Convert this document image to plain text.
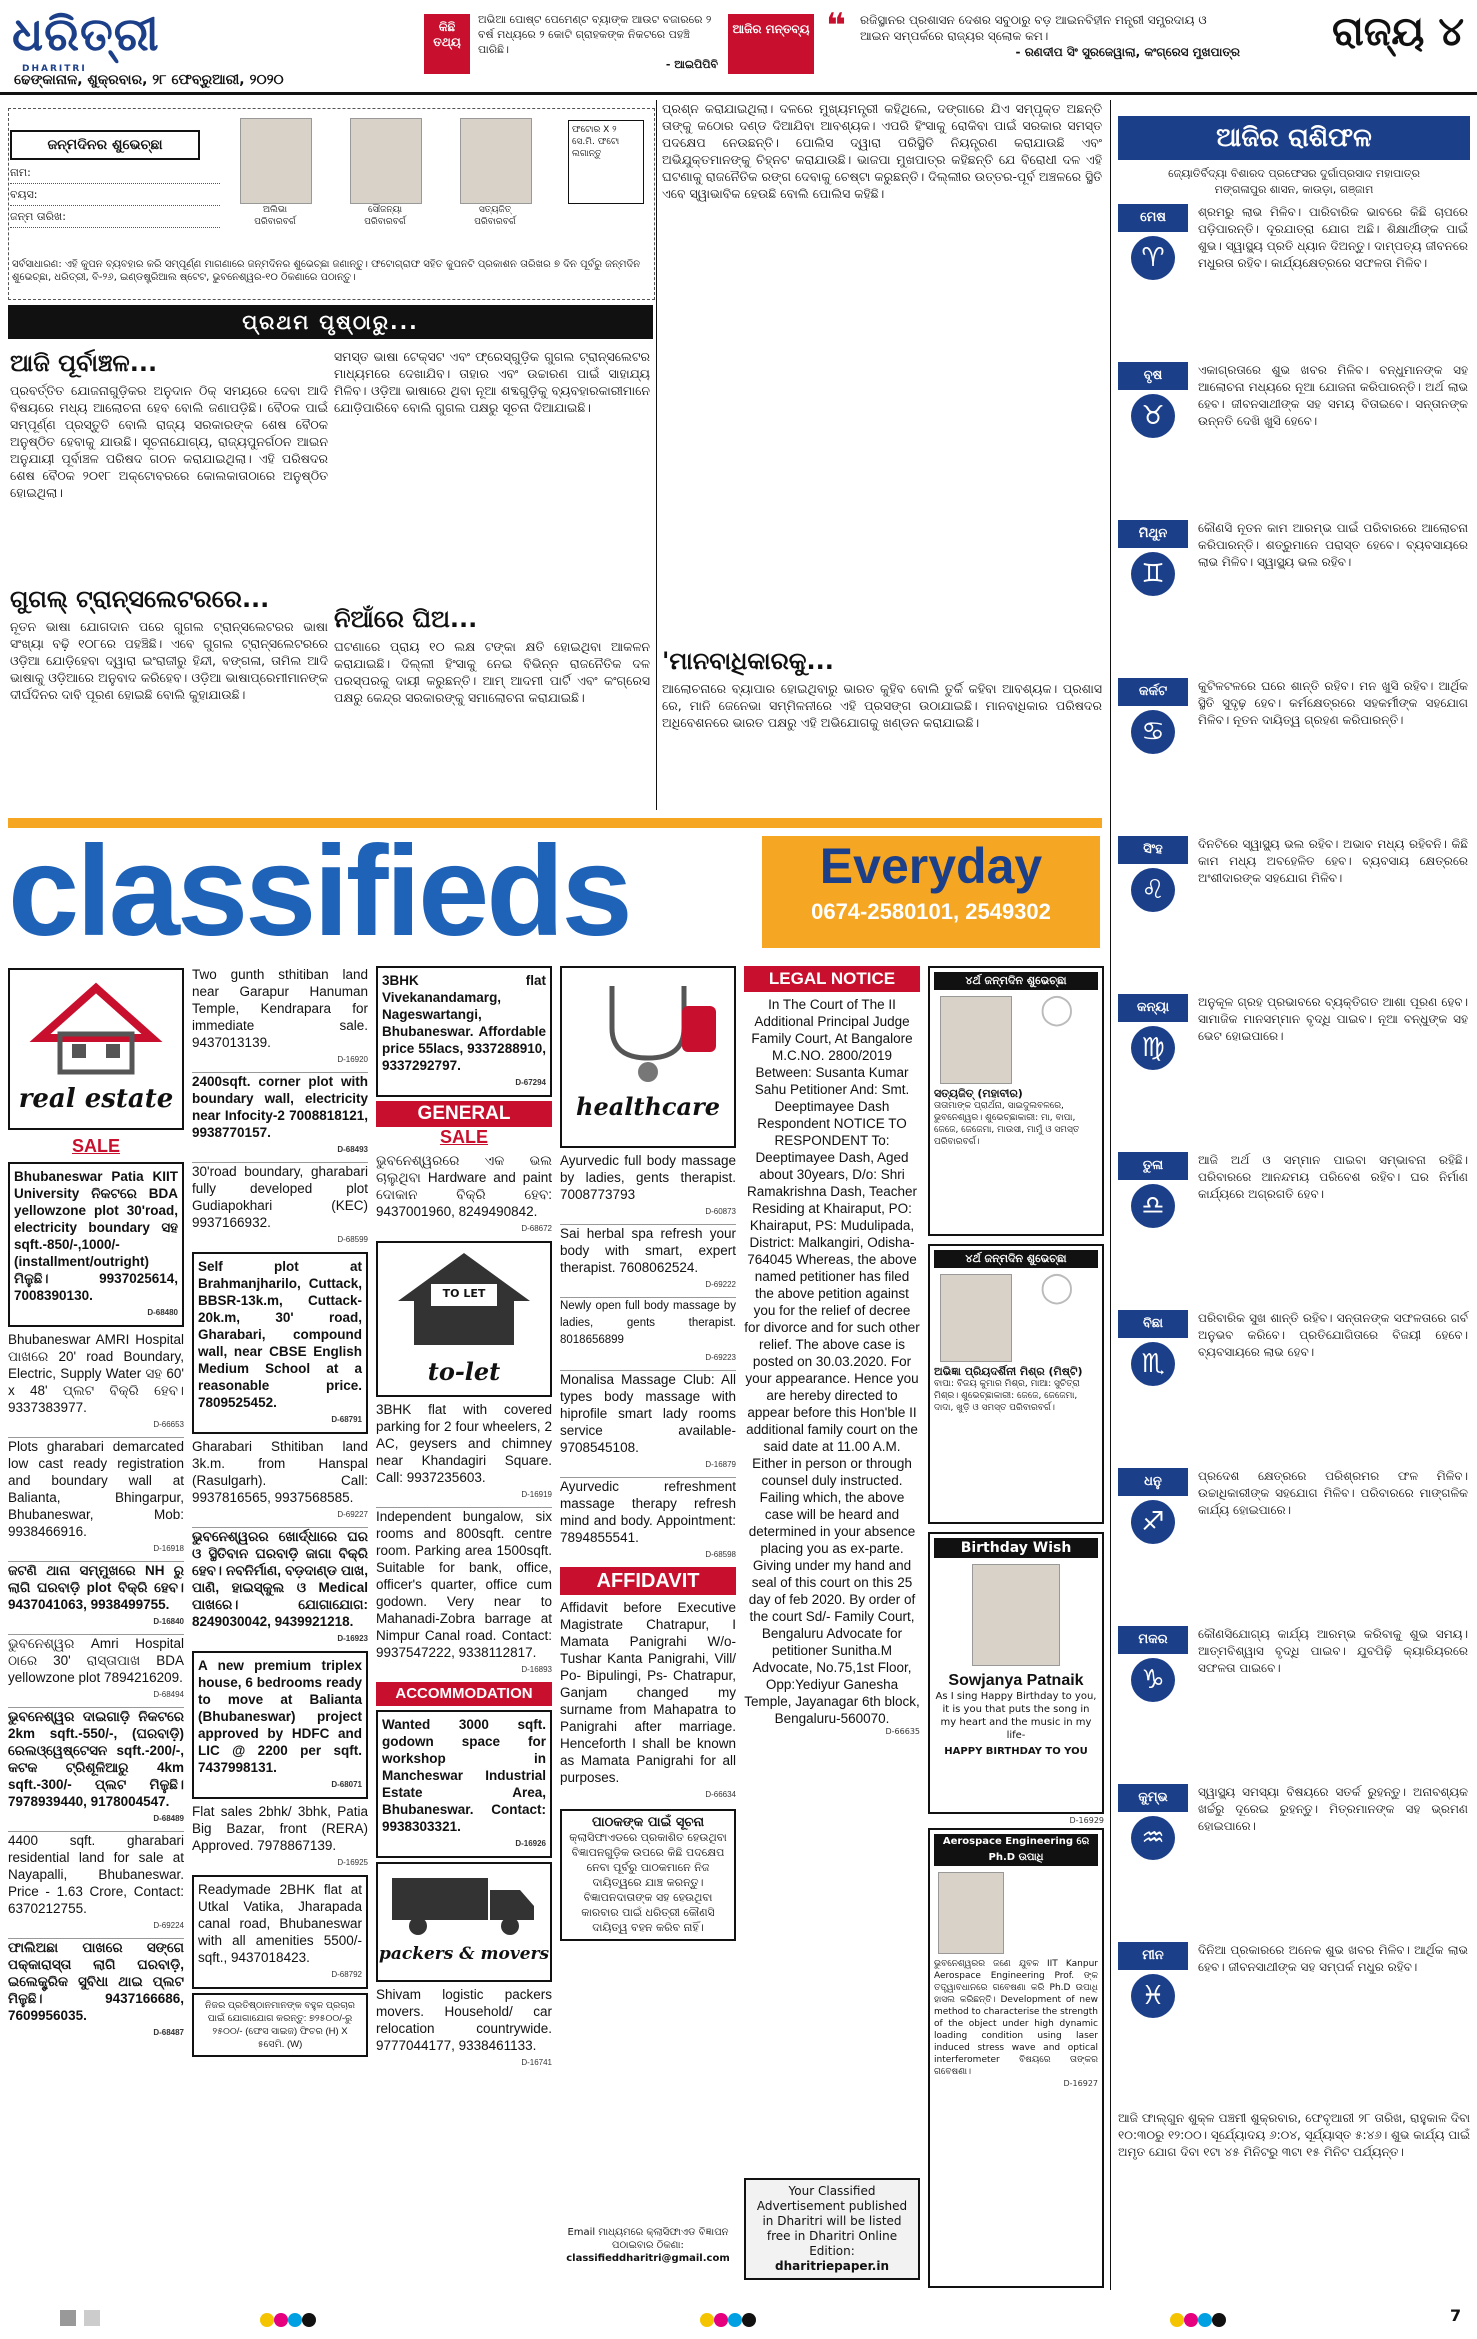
ଧରିତ୍ରୀ
DHARITRI
ଢେଙ୍କାନାଳ, ଶୁକ୍ରବାର, ୨୮ ଫେବ୍ରୁଆରୀ, ୨୦୨୦
କିଛି ତଥ୍ୟ
ଅଭିଆ ପୋଷ୍ଟ ପେମେଣ୍ଟ ବ୍ୟାଙ୍କ ଆଉଟ ବଜାରରେ ୨ ବର୍ଷ ମଧ୍ୟରେ ୨ କୋଟି ଗ୍ରାହକଙ୍କ ନିକଟରେ ପହଞ୍ଚି ପାରିଛି।

- ଆଇପିପିବି
ଆଜିର ମନ୍ତବ୍ୟ ❝ ରଜିସ୍ଥାନର ପ୍ରଶାସନ ଦେଶର ସବୁଠାରୁ ବଡ଼ ଆଇନବିହୀନ ମନ୍ତ୍ରୀ ସମ୍ପ୍ରଦାୟ ଓ ଆଇନ ସମ୍ପର୍କରେ ରାଜ୍ୟର ସ୍ଲୋକ କମ।

- ରଣଦୀପ ସିଂ ସୁରଜେୱାଲା, କଂଗ୍ରେସ ମୁଖପାତ୍ର	ରାଜ୍ୟ ୪
ଜନ୍ମଦିନର ଶୁଭେଚ୍ଛା
ନାମ:
ବୟସ:
ଜନ୍ମ ତାରିଖ:	ଅଲିଭା
ପରିବାରବର୍ଗ
ସୌଜନ୍ୟା
ପରିବାରବର୍ଗ
ସତ୍ୟଜିତ୍
ପରିବାରବର୍ଗ
ଫଟୋର X ୨ ସେ.ମି. ଫଟୋ ଲଗାନ୍ତୁ
ସର୍ବସାଧାରଣ: ଏହି କୁପନ ବ୍ୟବହାର କରି ସମ୍ପୂର୍ଣ୍ଣ ମାଗଣାରେ ଜନ୍ମଦିନର ଶୁଭେଚ୍ଛା ଜଣାନ୍ତୁ। ଫଟୋଗ୍ରାଫ ସହିତ କୁପନଟି ପ୍ରକାଶନ ତାରିଖର ୭ ଦିନ ପୂର୍ବରୁ ଜନ୍ମଦିନ ଶୁଭେଚ୍ଛା, ଧରିତ୍ରୀ, ବି-୨୬, ଇଣ୍ଡଷ୍ଟ୍ରିଆଲ ଷ୍ଟେଟ, ଭୁବନେଶ୍ୱର-୧୦ ଠିକଣାରେ ପଠାନ୍ତୁ।
ପ୍ରଥମ ପୃଷ୍ଠାରୁ...
ଆଜି ପୂର୍ବାଞ୍ଚଳ...
ପ୍ରବର୍ତ୍ତିତ ଯୋଜନାଗୁଡ଼ିକର ଅନୁଦାନ ଠିକ୍ ସମୟରେ ଦେବା ଆଦି ବିଷୟରେ ମଧ୍ୟ ଆଲୋଚନା ହେବ ବୋଲି ଜଣାପଡ଼ିଛି। ବୈଠକ ପାଇଁ ସମ୍ପୂର୍ଣ୍ଣ ପ୍ରସ୍ତୁତି ବୋଲି ରାଜ୍ୟ ସରକାରଙ୍କ ଶେଷ ବୈଠକ ଅନୁଷ୍ଠିତ ହେବାକୁ ଯାଉଛି। ସୂଚନାଯୋଗ୍ୟ, ରାଜ୍ୟପୁନର୍ଗଠନ ଆଇନ ଅନୁଯାୟୀ ପୂର୍ବାଞ୍ଚଳ ପରିଷଦ ଗଠନ କରାଯାଇଥିଲା। ଏହି ପରିଷଦର ଶେଷ ବୈଠକ ୨୦୧୮ ଅକ୍ଟୋବରରେ କୋଲକାତାଠାରେ ଅନୁଷ୍ଠିତ ହୋଇଥିଲା।
ଗୁଗଲ୍ ଟ୍ରାନ୍ସଲେଟରରେ...
ନୂତନ ଭାଷା ଯୋଗଦାନ ପରେ ଗୁଗଲ ଟ୍ରାନ୍ସଲେଟରର ଭାଷା ସଂଖ୍ୟା ବଢ଼ି ୧୦୮ରେ ପହଞ୍ଚିଛି। ଏବେ ଗୁଗଲ ଟ୍ରାନ୍ସଲେଟରରେ ଓଡ଼ିଆ ଯୋଡ଼ିହେବା ଦ୍ୱାରା ଇଂରାଜୀରୁ ହିନ୍ଦୀ, ବଙ୍ଗଳା, ତାମିଲ ଆଦି ଭାଷାକୁ ଓଡ଼ିଆରେ ଅନୁବାଦ କରିହେବ। ଓଡ଼ିଆ ଭାଷାପ୍ରେମୀମାନଙ୍କ ଦୀର୍ଘଦିନର ଦାବି ପୂରଣ ହୋଇଛି ବୋଲି କୁହାଯାଉଛି।
ସମସ୍ତ ଭାଷା ଟେକ୍ସଟ ଏବଂ ଫ୍ରେସ୍‌ଗୁଡ଼ିକ ଗୁଗଲ ଟ୍ରାନ୍ସଲେଟର ମାଧ୍ୟମରେ ଦେଖାଯିବ। ତାହାର ଏବଂ ଉଚ୍ଚାରଣ ପାଇଁ ସାହାଯ୍ୟ ମିଳିବ। ଓଡ଼ିଆ ଭାଷାରେ ଥିବା ନୂଆ ଶବ୍ଦଗୁଡ଼ିକୁ ବ୍ୟବହାରକାରୀମାନେ ଯୋଡ଼ିପାରିବେ ବୋଲି ଗୁଗଲ ପକ୍ଷରୁ ସୂଚନା ଦିଆଯାଇଛି।
ନିଆଁରେ ଘିଅ...
ଘଟଣାରେ ପ୍ରାୟ ୧୦ ଲକ୍ଷ ଟଙ୍କା କ୍ଷତି ହୋଇଥିବା ଆକଳନ କରାଯାଇଛି। ଦିଲ୍ଲୀ ହିଂସାକୁ ନେଇ ବିଭିନ୍ନ ରାଜନୈତିକ ଦଳ ପରସ୍ପରକୁ ଦାୟୀ କରୁଛନ୍ତି। ଆମ୍ ଆଦମୀ ପାର୍ଟି ଏବଂ କଂଗ୍ରେସ ପକ୍ଷରୁ କେନ୍ଦ୍ର ସରକାରଙ୍କୁ ସମାଲୋଚନା କରାଯାଇଛି।
ପ୍ରଶ୍ନ କରାଯାଇଥିଲା। ଦଳରେ ମୁଖ୍ୟମନ୍ତ୍ରୀ କହିଥିଲେ, ଦଙ୍ଗାରେ ଯିଏ ସମ୍ପୃକ୍ତ ଅଛନ୍ତି ତାଙ୍କୁ କଠୋର ଦଣ୍ଡ ଦିଆଯିବା ଆବଶ୍ୟକ। ଏପରି ହିଂସାକୁ ରୋକିବା ପାଇଁ ସରକାର ସମସ୍ତ ପଦକ୍ଷେପ ନେଉଛନ୍ତି। ପୋଲିସ ଦ୍ୱାରା ପରିସ୍ଥିତି ନିୟନ୍ତ୍ରଣ କରାଯାଉଛି ଏବଂ ଅଭିଯୁକ୍ତମାନଙ୍କୁ ଚିହ୍ନଟ କରାଯାଉଛି। ଭାଜପା ମୁଖପାତ୍ର କହିଛନ୍ତି ଯେ ବିରୋଧୀ ଦଳ ଏହି ଘଟଣାକୁ ରାଜନୈତିକ ରଙ୍ଗ ଦେବାକୁ ଚେଷ୍ଟା କରୁଛନ୍ତି। ଦିଲ୍ଲୀର ଉତ୍ତର-ପୂର୍ବ ଅଞ୍ଚଳରେ ସ୍ଥିତି ଏବେ ସ୍ୱାଭାବିକ ହେଉଛି ବୋଲି ପୋଲିସ କହିଛି।
'ମାନବାଧିକାରକୁ...
ଆଲୋଚନାରେ ବ୍ୟାପାର ହୋଇଥିବାରୁ ଭାରତ କୁହିବ ବୋଲି ତୁର୍କି କହିବା ଆବଶ୍ୟକ। ପ୍ରଶାସ ରେ, ମାନି ଜେନେଭା ସମ୍ମିଳନୀରେ ଏହି ପ୍ରସଙ୍ଗ ଉଠାଯାଇଛି। ମାନବାଧିକାର ପରିଷଦର ଅଧିବେଶନରେ ଭାରତ ପକ୍ଷରୁ ଏହି ଅଭିଯୋଗକୁ ଖଣ୍ଡନ କରାଯାଇଛି।
ଆଜିର ରାଶିଫଳ
ଜ୍ୟୋତିର୍ବିଦ୍ୟା ବିଶାରଦ ପ୍ରଫେସର ଦୁର୍ଗାପ୍ରସାଦ ମହାପାତ୍ର
ମଙ୍ଗଳାପୁର ଶାସନ, କାଉଡ଼ା, ଗଞ୍ଜାମ
ମେଷ
♈
ଶ୍ରମରୁ ଲାଭ ମିଳିବ। ପାରିବାରିକ ଭାବରେ କିଛି ଚାପରେ ପଡ଼ିପାରନ୍ତି। ଦୂରଯାତ୍ରା ଯୋଗ ଅଛି। ଶିକ୍ଷାର୍ଥୀଙ୍କ ପାଇଁ ଶୁଭ। ସ୍ୱାସ୍ଥ୍ୟ ପ୍ରତି ଧ୍ୟାନ ଦିଅନ୍ତୁ। ଦାମ୍ପତ୍ୟ ଜୀବନରେ ମଧୁରତା ରହିବ। କାର୍ଯ୍ୟକ୍ଷେତ୍ରରେ ସଫଳତା ମିଳିବ।
ବୃଷ
♉
ଏକାଗ୍ରତାରେ ଶୁଭ ଖବର ମିଳିବ। ବନ୍ଧୁମାନଙ୍କ ସହ ଆଲୋଚନା ମଧ୍ୟରେ ନୂଆ ଯୋଜନା କରିପାରନ୍ତି। ଅର୍ଥ ଲାଭ ହେବ। ଜୀବନସାଥୀଙ୍କ ସହ ସମୟ ବିତାଇବେ। ସନ୍ତାନଙ୍କ ଉନ୍ନତି ଦେଖି ଖୁସି ହେବେ।
ମିଥୁନ
♊
କୌଣସି ନୂତନ କାମ ଆରମ୍ଭ ପାଇଁ ପରିବାରରେ ଆଲୋଚନା କରିପାରନ୍ତି। ଶତ୍ରୁମାନେ ପରାସ୍ତ ହେବେ। ବ୍ୟବସାୟରେ ଲାଭ ମିଳିବ। ସ୍ୱାସ୍ଥ୍ୟ ଭଲ ରହିବ।
କର୍କଟ
♋
କୁଟିଳଟଳରେ ଘରେ ଶାନ୍ତି ରହିବ। ମନ ଖୁସି ରହିବ। ଆର୍ଥିକ ସ୍ଥିତି ସୁଦୃଢ଼ ହେବ। କର୍ମକ୍ଷେତ୍ରରେ ସହକର୍ମୀଙ୍କ ସହଯୋଗ ମିଳିବ। ନୂତନ ଦାୟିତ୍ୱ ଗ୍ରହଣ କରିପାରନ୍ତି।
ସିଂହ
♌
ଦିନଟିରେ ସ୍ୱାସ୍ଥ୍ୟ ଭଲ ରହିବ। ଅଭାବ ମଧ୍ୟ ରହିବନି। କିଛି କାମ ମଧ୍ୟ ଅବହେଳିତ ହେବ। ବ୍ୟବସାୟ କ୍ଷେତ୍ରରେ ଅଂଶୀଦାରଙ୍କ ସହଯୋଗ ମିଳିବ।
କନ୍ୟା
♍
ଅନୁକୂଳ ଗ୍ରହ ପ୍ରଭାବରେ ବ୍ୟକ୍ତିଗତ ଆଶା ପୂରଣ ହେବ। ସାମାଜିକ ମାନସମ୍ମାନ ବୃଦ୍ଧି ପାଇବ। ନୂଆ ବନ୍ଧୁଙ୍କ ସହ ଭେଟ ହୋଇପାରେ।
ତୁଳା
♎
ଆଜି ଅର୍ଥ ଓ ସମ୍ମାନ ପାଇବା ସମ୍ଭାବନା ରହିଛି। ପରିବାରରେ ଆନନ୍ଦମୟ ପରିବେଶ ରହିବ। ଘର ନିର୍ମାଣ କାର୍ଯ୍ୟରେ ଅଗ୍ରଗତି ହେବ।
ବିଛା
♏
ପରିବାରିକ ସୁଖ ଶାନ୍ତି ରହିବ। ସନ୍ତାନଙ୍କ ସଫଳତାରେ ଗର୍ବ ଅନୁଭବ କରିବେ। ପ୍ରତିଯୋଗିତାରେ ବିଜୟୀ ହେବେ। ବ୍ୟବସାୟରେ ଲାଭ ହେବ।
ଧନୁ
♐
ପ୍ରଦେଶ କ୍ଷେତ୍ରରେ ପରିଶ୍ରମର ଫଳ ମିଳିବ। ଉଚ୍ଚାଧିକାରୀଙ୍କ ସହଯୋଗ ମିଳିବ। ପରିବାରରେ ମାଙ୍ଗଳିକ କାର୍ଯ୍ୟ ହୋଇପାରେ।
ମକର
♑
କୌଣସିଯୋଗ୍ୟ କାର୍ଯ୍ୟ ଆରମ୍ଭ କରିବାକୁ ଶୁଭ ସମୟ। ଆତ୍ମବିଶ୍ୱାସ ବୃଦ୍ଧି ପାଇବ। ଯୁବପିଢ଼ି କ୍ୟାରିୟରରେ ସଫଳତା ପାଇବେ।
କୁମ୍ଭ
♒
ସ୍ୱାସ୍ଥ୍ୟ ସମସ୍ୟା ବିଷୟରେ ସତର୍କ ରୁହନ୍ତୁ। ଅନାବଶ୍ୟକ ଖର୍ଚ୍ଚରୁ ଦୂରେଇ ରୁହନ୍ତୁ। ମିତ୍ରମାନଙ୍କ ସହ ଭ୍ରମଣ ହୋଇପାରେ।
ମୀନ
♓
ଦିନିଆ ପ୍ରକାରରେ ଅନେକ ଶୁଭ ଖବର ମିଳିବ। ଆର୍ଥିକ ଲାଭ ହେବ। ଜୀବନସାଥୀଙ୍କ ସହ ସମ୍ପର୍କ ମଧୁର ରହିବ।
ଆଜି ଫାଲ୍‌ଗୁନ ଶୁକ୍ଳ ପଞ୍ଚମୀ ଶୁକ୍ରବାର, ଫେବୃଆରୀ ୨୮ ତାରିଖ, ରାହୁକାଳ ଦିବା ୧୦:୩୦ରୁ ୧୨:୦୦। ସୂର୍ଯ୍ୟୋଦୟ ୬:୦୪, ସୂର୍ଯ୍ୟାସ୍ତ ୫:୪୬। ଶୁଭ କାର୍ଯ୍ୟ ପାଇଁ ଅମୃତ ଯୋଗ ଦିବା ୧ଟା ୪୫ ମିନିଟରୁ ୩ଟା ୧୫ ମିନିଟ ପର୍ଯ୍ୟନ୍ତ।
classifieds	Everyday
0674-2580101, 2549302
real estate
SALE
Bhubaneswar Patia KIIT University ନିକଟରେ BDA yellowzone plot 30'road, electricity boundary ସହ sqft.-850/-,1000/-(installment/outright) ମିଳୁଛି। 9937025614, 7008390130.
D-68480
Bhubaneswar AMRI Hospital ପାଖରେ 20' road Boundary, Electric, Supply Water ସହ 60' x 48' ପ୍ଲଟ ବିକ୍ରି ହେବ। 9337383977.
D-66653
Plots gharabari demarcated low cast ready registration and boundary wall at Balianta, Bhingarpur, Bhubaneswar, Mob: 9938466916.
D-16918
ଜଟଣି ଥାନା ସମ୍ମୁଖରେ NH ରୁ ଲାଗି ଘରବାଡ଼ି plot ବିକ୍ରି ହେବ। 9437041063, 9938499755.
D-16840
ଭୁବନେଶ୍ୱର Amri Hospital ଠାରେ 30' ରାସ୍ତାପାଖ BDA yellowzone plot 7894216209.
D-68494
ଭୁବନେଶ୍ୱର ଦାଇଗାଡ଼ି ନିକଟରେ 2km sqft.-550/-, (ଘରବାଡ଼ି) ରେଲଓ୍ୱେଷ୍ଟେସନ sqft.-200/-, କଟକ ଟ୍ରିଶୂଳିଆରୁ 4km sqft.-300/- ପ୍ଲଟ ମିଳୁଛି। 7978939440, 9178004547.
D-68489
4400 sqft. gharabari residential land for sale at Nayapalli, Bhubaneswar. Price - 1.63 Crore, Contact: 6370212755.
D-69224
ଫାଲିଅଛା ପାଖରେ ସଙ୍ଗେ ପକ୍କାରାସ୍ତା ଲାଗି ଘରବାଡ଼ି, ଇଲେକ୍ଟ୍ରିକ ସୁବିଧା ଥାଇ ପ୍ଲଟ ମିଳୁଛି। 9437166686, 7609956035.
D-68487
Two gunth sthitiban land near Garapur Hanuman Temple, Kendrapara for immediate sale. 9437013139.
D-16920
2400sqft. corner plot with boundary wall, electricity near Infocity-2 7008818121, 9938770157.
D-68493
30'road boundary, gharabari fully developed plot Gudiapokhari (KEC) 9937166932.
D-68599
Self plot at Brahmanjharilo, Cuttack, BBSR-13k.m, Cuttack-20k.m, 30' road, Gharabari, compound wall, near CBSE English Medium School at a reasonable price. 7809525452.
D-68791
Gharabari Sthitiban land 3k.m. from Hanspal (Rasulgarh). Call: 9937816565, 9937568585.
D-69227
ଭୁବନେଶ୍ୱରର ଖୋର୍ଦ୍ଧାରେ ଘର ଓ ସ୍ଥିତିବାନ ଘରବାଡ଼ି ଜାଗା ବିକ୍ରି ହେବ। ନବନିର୍ମାଣ, ବଡ଼ଦାଣ୍ଡ ପାଖ, ପାଣି, ହାଇସ୍କୁଲ ଓ Medical ପାଖରେ। ଯୋଗାଯୋଗ: 8249030042, 9439921218.
D-16923
A new premium triplex house, 6 bedrooms ready to move at Balianta (Bhubaneswar) project approved by HDFC and LIC @ 2200 per sqft. 7437998131.
D-68071
Flat sales 2bhk/ 3bhk, Patia Big Bazar, front (RERA) Approved. 7978867139.
D-16925
Readymade 2BHK flat at Utkal Vatika, Jharapada canal road, Bhubaneswar with all amenities 5500/- sqft., 9437018423.
D-68792
ନିଜର ପ୍ରତିଷ୍ଠାନମାନଙ୍କ ବହୁଳ ପ୍ରଚାର ପାଇଁ ଯୋଗାଯୋଗ କରନ୍ତୁ: ୭୨୫୦୦/-ରୁ ୨୫୦୦/- (ଫେସ ସାଇଜ) ଫିଚର (H) X ୫ସେମି. (W)
3BHK flat Vivekanandamarg, Nageswartangi, Bhubaneswar. Affordable price 55lacs, 9337288910, 9337292797.
D-67294
GENERAL
SALE
ଭୁବନେଶ୍ୱରରେ ଏକ ଭଲ ଚାଲୁଥିବା Hardware and paint ଦୋକାନ ବିକ୍ରି ହେବ: 9437001960, 8249490842.
D-68672
TO LET
to-let
3BHK flat with covered parking for 2 four wheelers, 2 AC, geysers and chimney near Khandagiri Square. Call: 9937235603.
D-16919
Independent bungalow, six rooms and 800sqft. centre room. Parking area 1500sqft. Suitable for bank, office, officer's quarter, office cum godown. Very near to Mahanadi-Zobra barrage at Nimpur Canal road. Contact: 9937547222, 9338112817.
D-16893
ACCOMMODATION
Wanted 3000 sqft. godown space for workshop in Mancheswar Industrial Estate Area, Bhubaneswar. Contact: 9938303321.
D-16926
packers & movers
Shivam logistic packers movers. Household/ car relocation countrywide. 9777044177, 9338461133.
D-16741
healthcare
Ayurvedic full body massage by ladies, gents therapist. 7008773793
D-60873
Sai herbal spa refresh your body with smart, expert therapist. 7608062524.
D-69222
Newly open full body massage by ladies, gents therapist. 8018656899
D-69223
Monalisa Massage Club: All types body massage with hiprofile smart lady rooms service available- 9708545108.
D-16879
Ayurvedic refreshment massage therapy refresh mind and body. Appointment: 7894855541.
D-68598
AFFIDAVIT
Affidavit before Executive Magistrate Chatrapur, I Mamata Panigrahi W/o- Tushar Kanta Panigrahi, Vill/ Po- Bipulingi, Ps- Chatrapur, Ganjam changed my surname from Mahapatra to Panigrahi after marriage. Henceforth I shall be known as Mamata Panigrahi for all purposes.
D-66634
ପାଠକଙ୍କ ପାଇଁ ସୂଚନା
କ୍ଲାସିଫାଏଡରେ ପ୍ରକାଶିତ ହେଉଥିବା ବିଜ୍ଞାପନଗୁଡ଼ିକ ଉପରେ କିଛି ପଦକ୍ଷେପ ନେବା ପୂର୍ବରୁ ପାଠକମାନେ ନିଜ ଦାୟିତ୍ୱରେ ଯାଞ୍ଚ କରନ୍ତୁ। ବିଜ୍ଞାପନଦାତାଙ୍କ ସହ ହେଉଥିବା କାରବାର ପାଇଁ ଧରିତ୍ରୀ କୌଣସି ଦାୟିତ୍ୱ ବହନ କରିବ ନାହିଁ।
Email ମାଧ୍ୟମରେ କ୍ଲାସିଫାଏଡ ବିଜ୍ଞାପନ ପଠାଇବାର ଠିକଣା:
classifieddharitri@gmail.com
LEGAL NOTICE
In The Court of The II Additional Principal Judge Family Court, At Bangalore M.C.NO. 2800/2019 Between: Susanta Kumar Sahu Petitioner And: Smt. Deeptimayee Dash Respondent NOTICE TO RESPONDENT To: Deeptimayee Dash, Aged about 30years, D/o: Shri Ramakrishna Dash, Teacher Residing at Khairaput, PO: Khairaput, PS: Mudulipada, District: Malkangiri, Odisha-764045 Whereas, the above named petitioner has filed the above petition against you for the relief of decree for divorce and for such other relief. The above case is posted on 30.03.2020. For your appearance. Hence you are hereby directed to appear before this Hon'ble II additional family court on the said date at 11.00 A.M. Either in person or through counsel duly instructed. Failing which, the above case will be heard and determined in your absence placing you as ex-parte. Giving under my hand and seal of this court on this 25 day of feb 2020. By order of the court Sd/- Family Court, Bengaluru Advocate for petitioner Sunitha.M Advocate, No.75,1st Floor, Opp:Yediyur Ganesha Temple, Jayanagar 6th block, Bengaluru-560070.
D-66635
Your Classified Advertisement published in Dharitri will be listed free in Dharitri Online Edition:
dharitriepaper.in
୪ର୍ଥ ଜନ୍ମଦିନ ଶୁଭେଚ୍ଛା
◯
ସତ୍ୟଜିତ୍ (ମହାବୀର)
ତାତାମାଙ୍କ ପ୍ରାର୍ଥନା, ସାଇଦୁଲବଳରେ, ଭୁବନେଶ୍ୱର। ଶୁଭେଚ୍ଛାକାରୀ: ମା, ବାପା, ଜେଜେ, ଜେଜେମା, ମାଉସୀ, ମାମୁଁ ଓ ସମସ୍ତ ପରିବାରବର୍ଗ।
୪ର୍ଥ ଜନ୍ମଦିନ ଶୁଭେଚ୍ଛା
◯
ଅଭିଜ୍ଞା ପ୍ରିୟଦର୍ଶିନୀ ମିଶ୍ର (ମିଷ୍ଟି)
ବାପା: ବିଜୟ କୁମାର ମିଶ୍ର, ମାଆ: ସୁଚିତ୍ରା ମିଶ୍ର। ଶୁଭେଚ୍ଛାକାରୀ: ଜେଜେ, ଜେଜେମା, ଦାଦା, ଖୁଡ଼ି ଓ ସମସ୍ତ ପରିବାରବର୍ଗ।
Birthday Wish
Sowjanya Patnaik
As I sing Happy Birthday to you, it is you that puts the song in my heart and the music in my life-
HAPPY BIRTHDAY TO YOU
D-16929
Aerospace Engineering ରେ Ph.D ଉପାଧି
ଭୁବନେଶ୍ୱରର ଜଣେ ଯୁବକ IIT Kanpur Aerospace Engineering Prof. ଙ୍କ ତତ୍ତ୍ୱାବଧାନରେ ଗବେଷଣା କରି Ph.D ଉପାଧି ହାସଲ କରିଛନ୍ତି। Development of new method to characterise the strength of the object under high dynamic loading condition using laser induced stress wave and optical interferometer ବିଷୟରେ ତାଙ୍କର ଗବେଷଣା।
D-16927
7
